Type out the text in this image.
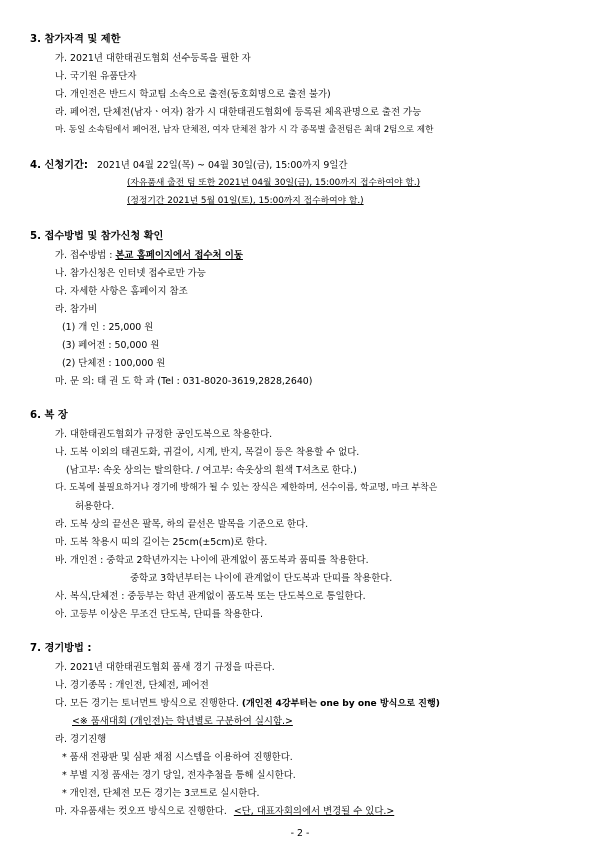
3. 참가자격 및 제한
가. 2021년 대한태권도협회 선수등록을 필한 자
나. 국기원 유품단자
다. 개인전은 반드시 학교팀 소속으로 출전(동호회명으로 출전 불가)
라. 페어전, 단체전(남자ㆍ여자) 참가 시 대한태권도협회에 등록된 체육관명으로 출전 가능
마. 동일 소속팀에서 페어전, 남자 단체전, 여자 단체전 참가 시 각 종목별 출전팀은 최대 2팀으로 제한
4. 신청기간: 2021년 04월 22일(목) ~ 04월 30일(금), 15:00까지 9일간
(자유품새 출전 팀 또한 2021년 04월 30일(금), 15:00까지 접수하여야 함.)
(정정기간 2021년 5월 01일(토), 15:00까지 접수하여야 함.)
5. 접수방법 및 참가신청 확인
가. 접수방법 : 본교 홈페이지에서 접수처 이동
나. 참가신청은 인터넷 접수로만 가능
다. 자세한 사항은 홈페이지 참조
라. 참가비
(1) 개 인 : 25,000 원
(3) 페어전 : 50,000 원
(2) 단체전 : 100,000 원
마. 문 의: 태 권 도 학 과 (Tel : 031-8020-3619,2828,2640)
6. 복 장
가. 대한태권도협회가 규정한 공인도복으로 착용한다.
나. 도복 이외의 태권도화, 귀걸이, 시계, 반지, 목걸이 등은 착용할 수 없다.
(남고부: 속옷 상의는 탈의한다. / 여고부: 속옷상의 흰색 T셔츠로 한다.)
다. 도복에 불필요하거나 경기에 방해가 될 수 있는 장식은 제한하며, 선수이름, 학교명, 마크 부착은
허용한다.
라. 도복 상의 끝선은 팔목, 하의 끝선은 발목을 기준으로 한다.
마. 도복 착용시 띠의 길이는 25cm(±5cm)로 한다.
바. 개인전 : 중학교 2학년까지는 나이에 관계없이 품도복과 품띠를 착용한다.
중학교 3학년부터는 나이에 관계없이 단도복과 단띠를 착용한다.
사. 복식,단체전 : 중등부는 학년 관계없이 품도복 또는 단도복으로 통일한다.
아. 고등부 이상은 무조건 단도복, 단띠를 착용한다.
7. 경기방법 :
가. 2021년 대한태권도협회 품새 경기 규정을 따른다.
나. 경기종목 : 개인전, 단체전, 페어전
다. 모든 경기는 토너먼트 방식으로 진행한다. (개인전 4강부터는 one by one 방식으로 진행)
<※ 품새대회 (개인전)는 학년별로 구분하여 실시함.>
라. 경기진행
* 품새 전광판 및 심판 채점 시스템을 이용하여 진행한다.
* 부별 지정 품새는 경기 당일, 전자추첨을 통해 실시한다.
* 개인전, 단체전 모든 경기는 3코트로 실시한다.
마. 자유품새는 컷오프 방식으로 진행한다. <단, 대표자회의에서 변경될 수 있다.>
- 2 -
